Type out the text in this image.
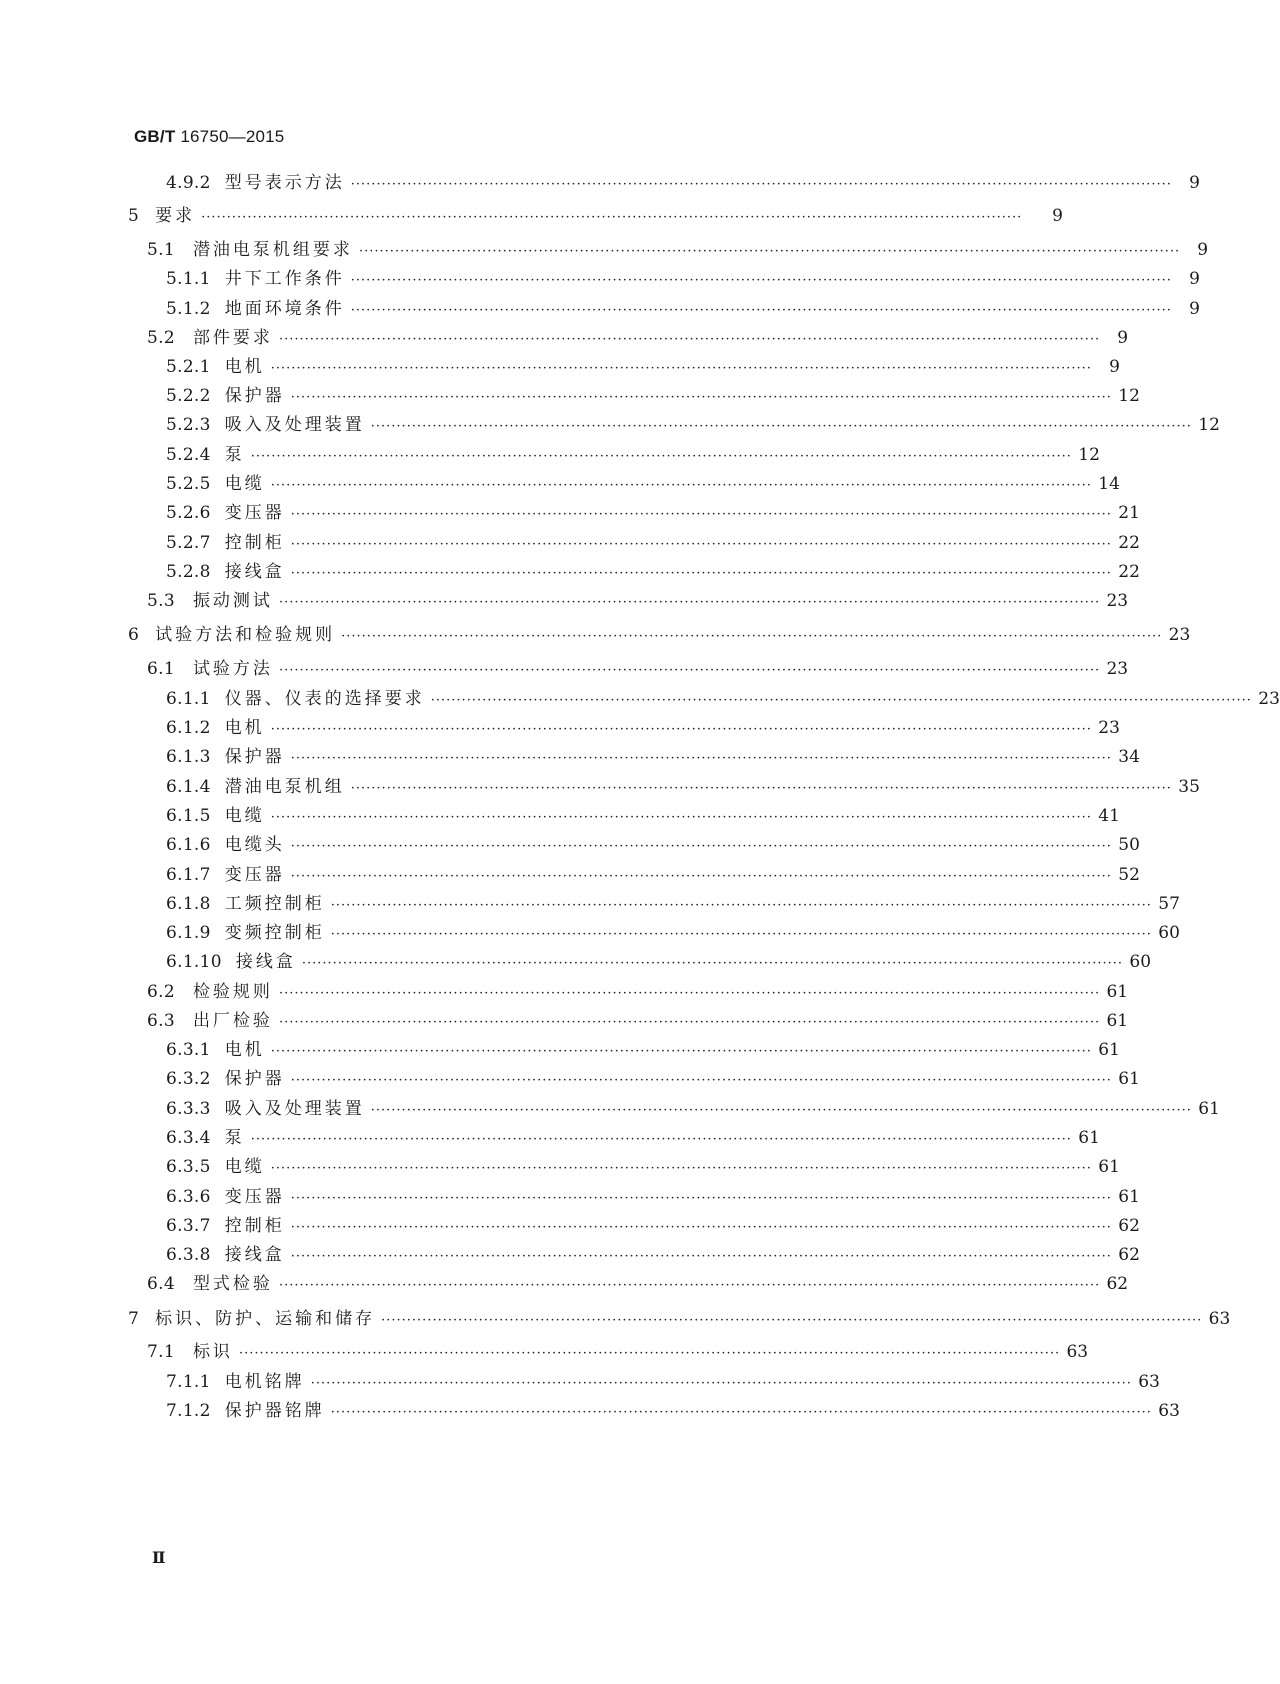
GB/T 16750—2015
4.9.2 型号表示方法 ································································································································································	9
5 要求 ································································································································································	9
5.1 潜油电泵机组要求 ································································································································································	9
5.1.1 井下工作条件 ································································································································································	9
5.1.2 地面环境条件 ································································································································································	9
5.2 部件要求 ································································································································································	9
5.2.1 电机 ································································································································································	9
5.2.2 保护器 ································································································································································ 12
5.2.3 吸入及处理装置 ································································································································································ 12
5.2.4 泵 ································································································································································ 12
5.2.5 电缆 ································································································································································ 14
5.2.6 变压器 ································································································································································ 21
5.2.7 控制柜 ································································································································································ 22
5.2.8 接线盒 ································································································································································ 22
5.3 振动测试 ································································································································································ 23
6 试验方法和检验规则 ································································································································································ 23
6.1 试验方法 ································································································································································ 23
6.1.1 仪器、仪表的选择要求 ································································································································································ 23
6.1.2 电机 ································································································································································ 23
6.1.3 保护器 ································································································································································ 34
6.1.4 潜油电泵机组 ································································································································································ 35
6.1.5 电缆 ································································································································································ 41
6.1.6 电缆头 ································································································································································ 50
6.1.7 变压器 ································································································································································ 52
6.1.8 工频控制柜 ································································································································································ 57
6.1.9 变频控制柜 ································································································································································ 60
6.1.10 接线盒 ································································································································································ 60
6.2 检验规则 ································································································································································ 61
6.3 出厂检验 ································································································································································ 61
6.3.1 电机 ································································································································································ 61
6.3.2 保护器 ································································································································································ 61
6.3.3 吸入及处理装置 ································································································································································ 61
6.3.4 泵 ································································································································································ 61
6.3.5 电缆 ································································································································································ 61
6.3.6 变压器 ································································································································································ 61
6.3.7 控制柜 ································································································································································ 62
6.3.8 接线盒 ································································································································································ 62
6.4 型式检验 ································································································································································ 62
7 标识、防护、运输和储存 ································································································································································ 63
7.1 标识 ································································································································································ 63
7.1.1 电机铭牌 ································································································································································ 63
7.1.2 保护器铭牌 ································································································································································ 63
Ⅱ
